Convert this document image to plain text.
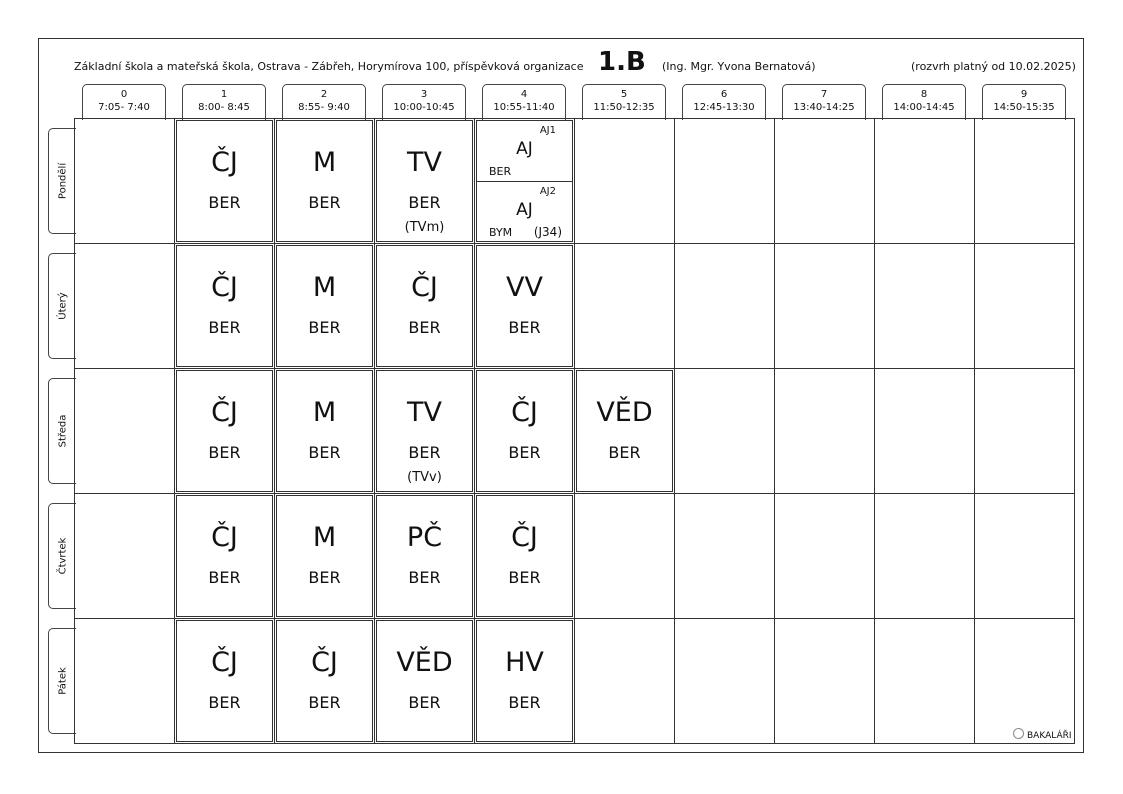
Základní škola a mateřská škola, Ostrava - Zábřeh, Horymírova 100, příspěvková organizace 1.B (Ing. Mgr. Yvona Bernatová)	(rozvrh platný od 10.02.2025)
0
7:05- 7:40
1
8:00- 8:45
2
8:55- 9:40
3
10:00-10:45
4
10:55-11:40
5
11:50-12:35
6
12:45-13:30
7
13:40-14:25
8
14:00-14:45
9
14:50-15:35
Pondělí
Úterý
Středa
Čtvrtek
Pátek
ČJ
BER
M
BER
TV
BER
(TVm)
AJ1
AJ
BER
AJ2
AJ
BYM (J34)
ČJ
BER
M
BER
ČJ
BER
VV
BER
ČJ
BER
M
BER
TV
BER
(TVv)
ČJ
BER
VĚD
BER
ČJ
BER
M
BER
PČ
BER
ČJ
BER
ČJ
BER
ČJ
BER
VĚD
BER
HV
BER
BAKALÁŘI
